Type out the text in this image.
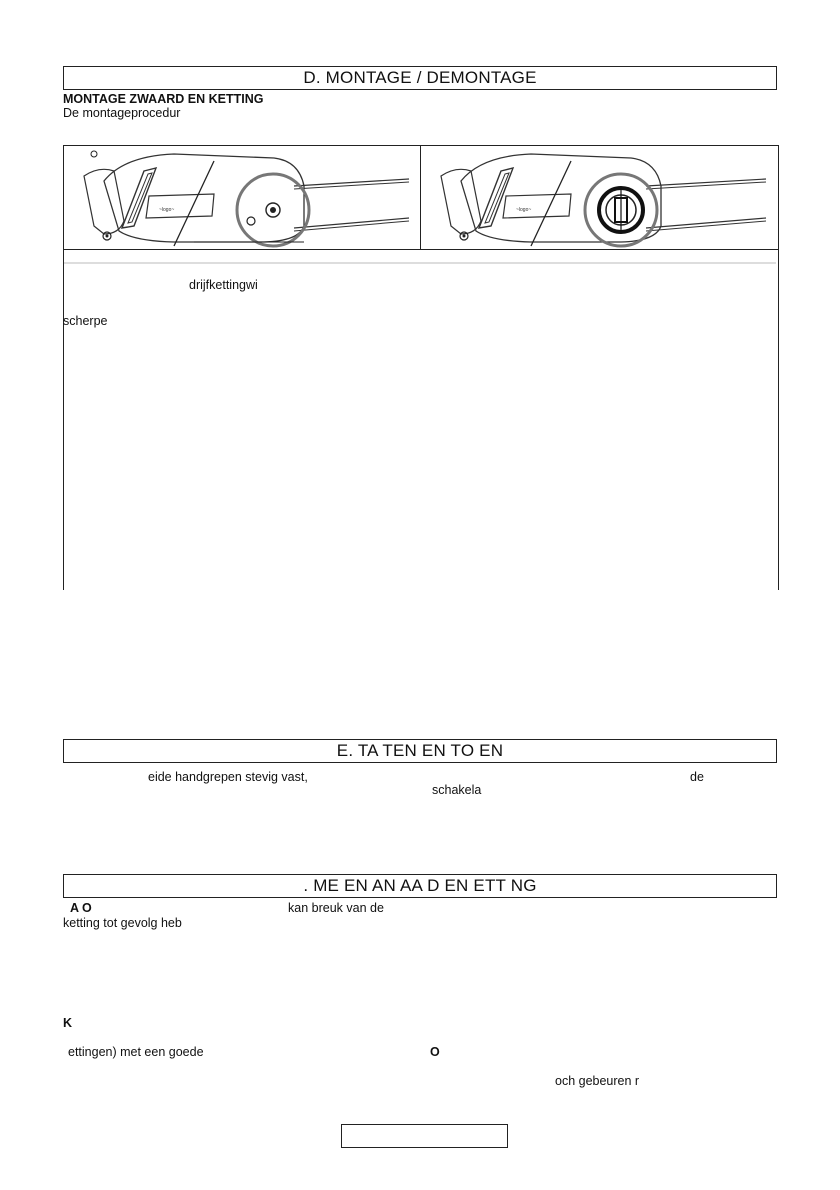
D. MONTAGE / DEMONTAGE
MONTAGE ZWAARD EN KETTING
De montageprocedur
~logo~	~logo~
drijfkettingwi
scherpe
E. TA TEN EN TO EN
eide handgrepen stevig vast,	de
schakela
. ME EN AN AA D EN ETT NG
A O	kan breuk van de
ketting tot gevolg heb
K
ettingen) met een goede	O
och gebeuren r
